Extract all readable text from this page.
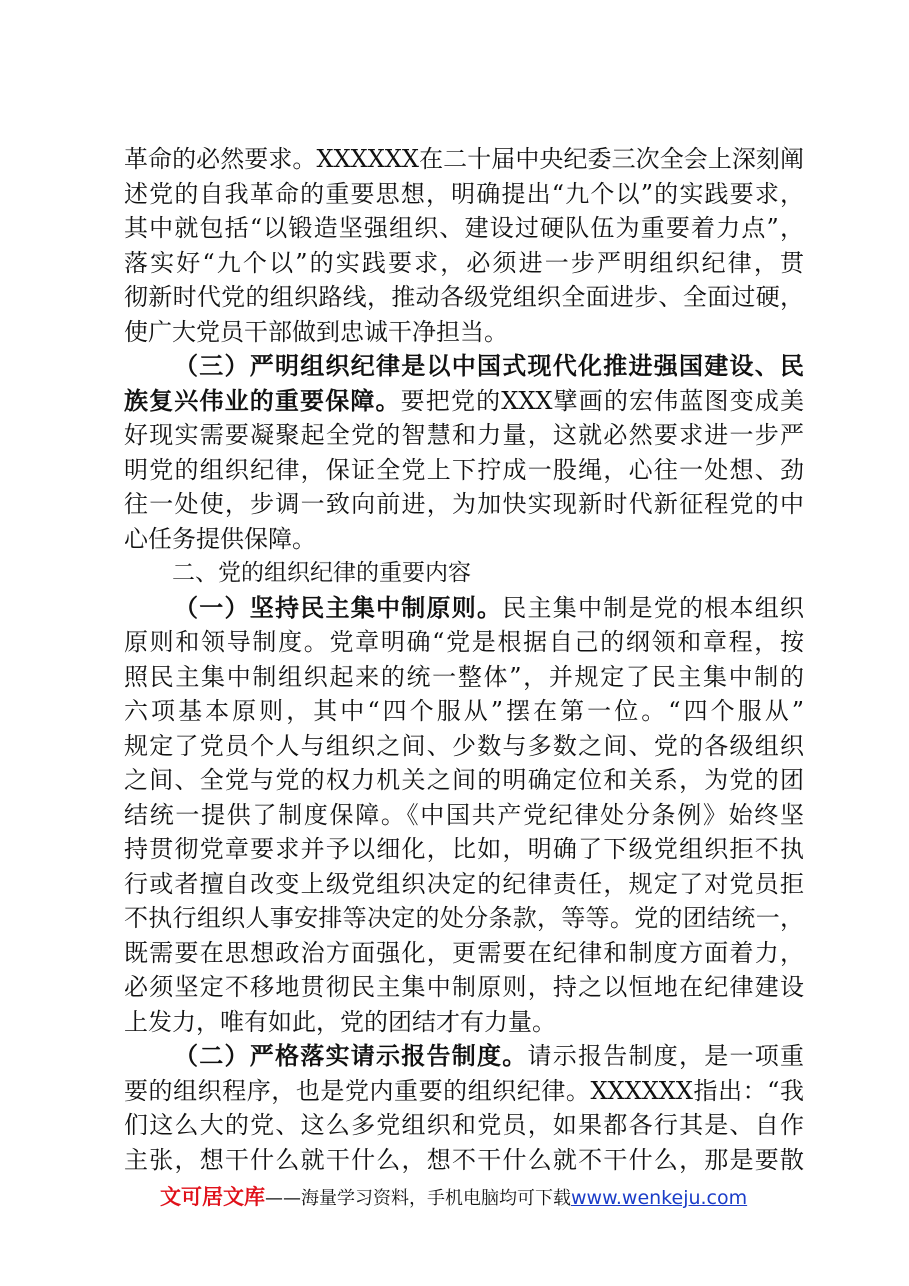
革命的必然要求。XXXXXX在二十届中央纪委三次全会上深刻阐
述党的自我革命的重要思想，明确提出“九个以”的实践要求，
其中就包括“以锻造坚强组织、建设过硬队伍为重要着力点”，
落实好“九个以”的实践要求，必须进一步严明组织纪律，贯
彻新时代党的组织路线，推动各级党组织全面进步、全面过硬，
使广大党员干部做到忠诚干净担当。
（三）严明组织纪律是以中国式现代化推进强国建设、民
族复兴伟业的重要保障。要把党的XXX擘画的宏伟蓝图变成美
好现实需要凝聚起全党的智慧和力量，这就必然要求进一步严
明党的组织纪律，保证全党上下拧成一股绳，心往一处想、劲
往一处使，步调一致向前进，为加快实现新时代新征程党的中
心任务提供保障。
二、党的组织纪律的重要内容
（一）坚持民主集中制原则。民主集中制是党的根本组织
原则和领导制度。党章明确“党是根据自己的纲领和章程，按
照民主集中制组织起来的统一整体”，并规定了民主集中制的
六项基本原则，其中“四个服从”摆在第一位。“四个服从”
规定了党员个人与组织之间、少数与多数之间、党的各级组织
之间、全党与党的权力机关之间的明确定位和关系，为党的团
结统一提供了制度保障。《中国共产党纪律处分条例》始终坚
持贯彻党章要求并予以细化，比如，明确了下级党组织拒不执
行或者擅自改变上级党组织决定的纪律责任，规定了对党员拒
不执行组织人事安排等决定的处分条款，等等。党的团结统一，
既需要在思想政治方面强化，更需要在纪律和制度方面着力，
必须坚定不移地贯彻民主集中制原则，持之以恒地在纪律建设
上发力，唯有如此，党的团结才有力量。
（二）严格落实请示报告制度。请示报告制度，是一项重
要的组织程序，也是党内重要的组织纪律。XXXXXX指出：“我
们这么大的党、这么多党组织和党员，如果都各行其是、自作
主张，想干什么就干什么，想不干什么就不干什么，那是要散
文可居文库——海量学习资料，手机电脑均可下载www.wenkeju.com
